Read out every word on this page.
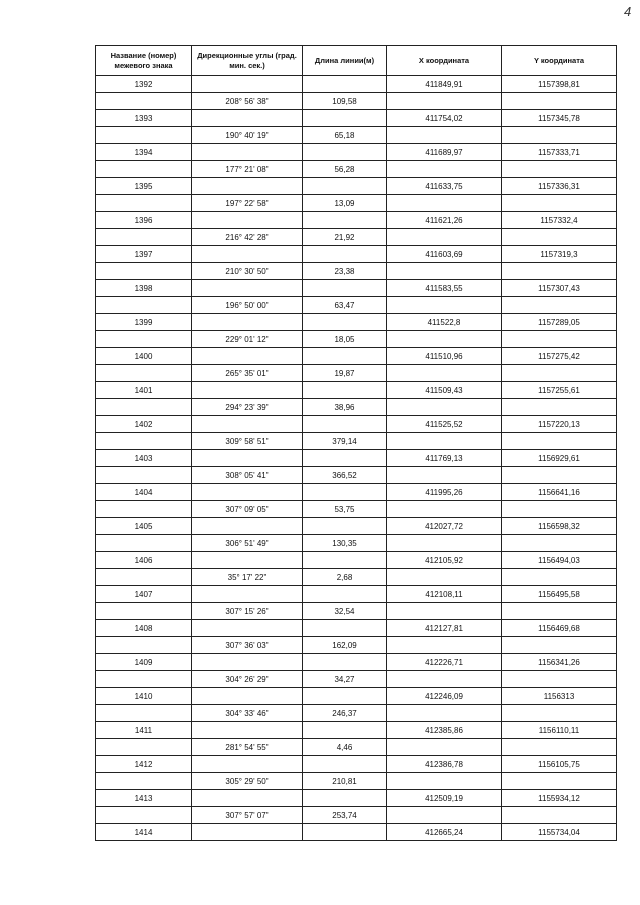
4
Название (номер) межевого знака	Дирекционные углы (град. мин. сек.)	Длина линии(м)	X координата	Y координата
1392			411849,91	1157398,81
	208° 56' 38"	109,58		
1393			411754,02	1157345,78
	190° 40' 19"	65,18		
1394			411689,97	1157333,71
	177° 21' 08"	56,28		
1395			411633,75	1157336,31
	197° 22' 58"	13,09		
1396			411621,26	1157332,4
	216° 42' 28"	21,92		
1397			411603,69	1157319,3
	210° 30' 50"	23,38		
1398			411583,55	1157307,43
	196° 50' 00"	63,47		
1399			411522,8	1157289,05
	229° 01' 12"	18,05		
1400			411510,96	1157275,42
	265° 35' 01"	19,87		
1401			411509,43	1157255,61
	294° 23' 39"	38,96		
1402			411525,52	1157220,13
	309° 58' 51"	379,14		
1403			411769,13	1156929,61
	308° 05' 41"	366,52		
1404			411995,26	1156641,16
	307° 09' 05"	53,75		
1405			412027,72	1156598,32
	306° 51' 49"	130,35		
1406			412105,92	1156494,03
	35° 17' 22"	2,68		
1407			412108,11	1156495,58
	307° 15' 26"	32,54		
1408			412127,81	1156469,68
	307° 36' 03"	162,09		
1409			412226,71	1156341,26
	304° 26' 29"	34,27		
1410			412246,09	1156313
	304° 33' 46"	246,37		
1411			412385,86	1156110,11
	281° 54' 55"	4,46		
1412			412386,78	1156105,75
	305° 29' 50"	210,81		
1413			412509,19	1155934,12
	307° 57' 07"	253,74		
1414			412665,24	1155734,04
